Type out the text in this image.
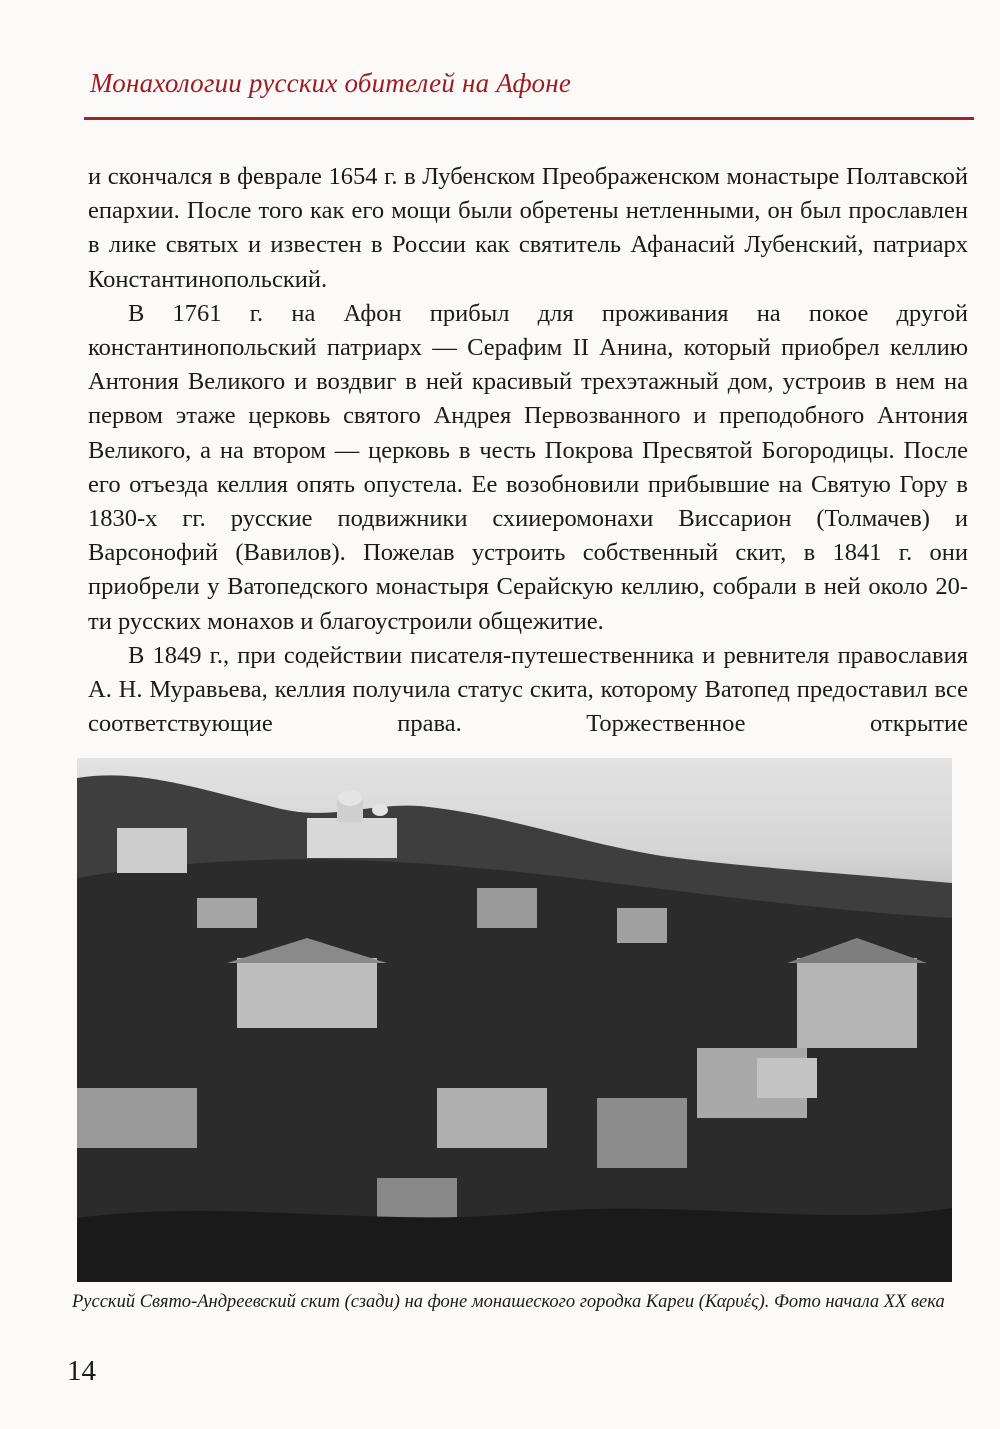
Монахологии русских обителей на Афоне

и скончался в феврале 1654 г. в Лубенском Преображенском монастыре Полтавской епархии. После того как его мощи были обретены нетленными, он был прославлен в лике святых и известен в России как святитель Афанасий Лубенский, патриарх Константинопольский.

В 1761 г. на Афон прибыл для проживания на покое другой константинопольский патриарх — Серафим II Анина, который приобрел келлию Антония Великого и воздвиг в ней красивый трехэтажный дом, устроив в нем на первом этаже церковь святого Андрея Первозванного и преподобного Антония Великого, а на втором — церковь в честь Покрова Пресвятой Богородицы. После его отъезда келлия опять опустела. Ее возобновили прибывшие на Святую Гору в 1830-х гг. русские подвижники схииеромонахи Виссарион (Толмачев) и Варсонофий (Вавилов). Пожелав устроить собственный скит, в 1841 г. они приобрели у Ватопедского монастыря Серайскую келлию, собрали в ней около 20-ти русских монахов и благоустроили общежитие.

В 1849 г., при содействии писателя-путешественника и ревнителя православия А. Н. Муравьева, келлия получила статус скита, которому Ватопед предоставил все соответствующие права. Торжественное открытие

Русский Свято-Андреевский скит (сзади) на фоне монашеского городка Кареи (Καρυές). Фото начала XX века
14
